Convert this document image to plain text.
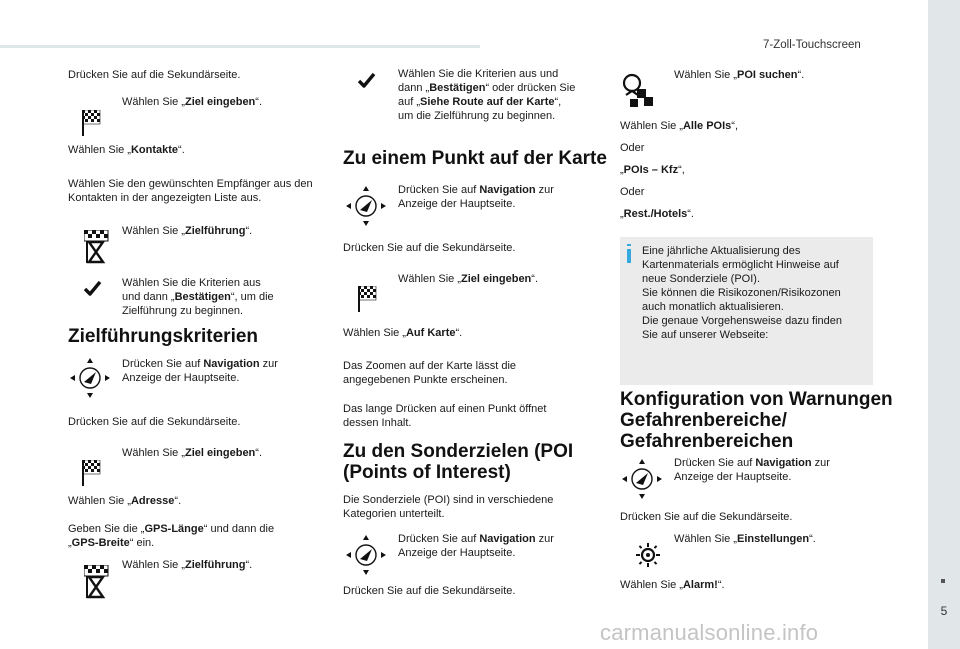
7-Zoll-Touchscreen
5
Drücken Sie auf die Sekundärseite.
Wählen Sie „Ziel eingeben“.
Wählen Sie „Kontakte“.
Wählen Sie den gewünschten Empfänger aus den Kontakten in der angezeigten Liste aus.
Wählen Sie „Zielführung“.
Wählen Sie die Kriterien aus
und dann „Bestätigen“, um die
Zielführung zu beginnen.
Zielführungskriterien
Drücken Sie auf Navigation zur
Anzeige der Hauptseite.
Drücken Sie auf die Sekundärseite.
Wählen Sie „Ziel eingeben“.
Wählen Sie „Adresse“.
Geben Sie die „GPS-Länge“ und dann die
„GPS-Breite“ ein.
Wählen Sie „Zielführung“.
Wählen Sie die Kriterien aus und
dann „Bestätigen“ oder drücken Sie
auf „Siehe Route auf der Karte“,
um die Zielführung zu beginnen.
Zu einem Punkt auf der Karte
Drücken Sie auf Navigation zur
Anzeige der Hauptseite.
Drücken Sie auf die Sekundärseite.
Wählen Sie „Ziel eingeben“.
Wählen Sie „Auf Karte“.
Das Zoomen auf der Karte lässt die angegebenen Punkte erscheinen.
Das lange Drücken auf einen Punkt öffnet dessen Inhalt.
Zu den Sonderzielen (POI
(Points of Interest)
Die Sonderziele (POI) sind in verschiedene Kategorien unterteilt.
Drücken Sie auf Navigation zur
Anzeige der Hauptseite.
Drücken Sie auf die Sekundärseite.
Wählen Sie „POI suchen“.
Wählen Sie „Alle POIs“,
Oder
„POIs – Kfz“,
Oder
„Rest./Hotels“.
Eine jährliche Aktualisierung des
Kartenmaterials ermöglicht Hinweise auf
neue Sonderziele (POI).
Sie können die Risikozonen/Risikozonen
auch monatlich aktualisieren.
Die genaue Vorgehensweise dazu finden
Sie auf unserer Webseite:
Konfiguration von Warnungen
Gefahrenbereiche/
Gefahrenbereichen
Drücken Sie auf Navigation zur
Anzeige der Hauptseite.
Drücken Sie auf die Sekundärseite.
Wählen Sie „Einstellungen“.
Wählen Sie „Alarm!“.
carmanualsonline.info
